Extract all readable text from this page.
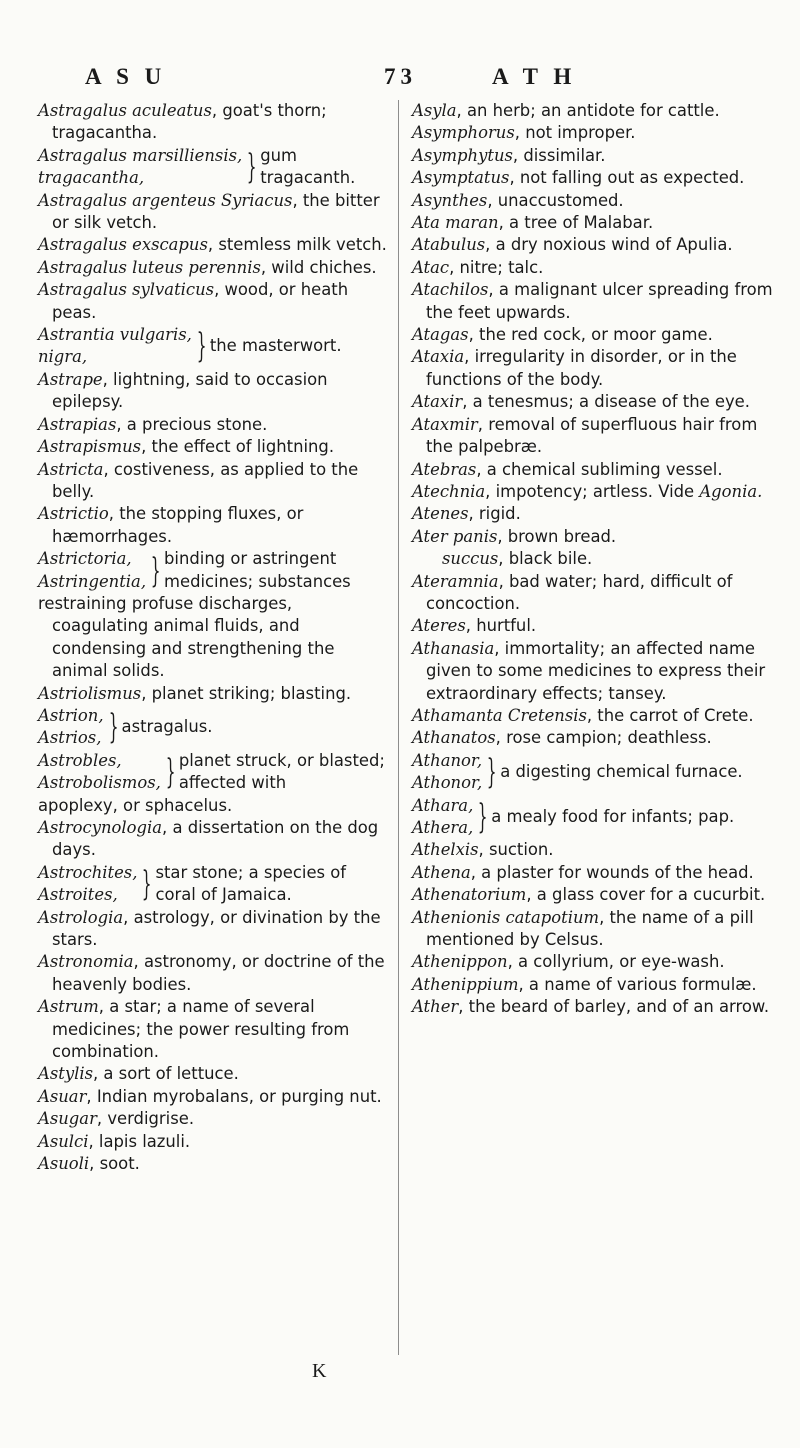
A S U	73	A T H

Astragalus aculeatus, goat's thorn; tragacantha.

Astragalus marsilliensis,
tragacantha,	} gum tragacanth.

Astragalus argenteus Syriacus, the bitter or silk vetch.

Astragalus exscapus, stemless milk vetch.

Astragalus luteus perennis, wild chiches.

Astragalus sylvaticus, wood, or heath peas.

Astrantia vulgaris,
nigra,	} the masterwort.

Astrape, lightning, said to occasion epilepsy.

Astrapias, a precious stone.

Astrapismus, the effect of lightning.

Astricta, costiveness, as applied to the belly.

Astrictio, the stopping fluxes, or hæmorrhages.

Astrictoria,
Astringentia, } binding or astringent medicines; substances

restraining profuse discharges, coagulating animal fluids, and condensing and strengthening the animal solids.

Astriolismus, planet striking; blasting.

Astrion,
Astrios, } astragalus.
Astrobles,
Astrobolismos, } planet struck, or blasted; affected with

apoplexy, or sphacelus.

Astrocynologia, a dissertation on the dog days.

Astrochites,
Astroites, } star stone; a species of coral of Jamaica.

Astrologia, astrology, or divination by the stars.

Astronomia, astronomy, or doctrine of the heavenly bodies.

Astrum, a star; a name of several medicines; the power resulting from combination.

Astylis, a sort of lettuce.

Asuar, Indian myrobalans, or purging nut.

Asugar, verdigrise.

Asulci, lapis lazuli.

Asuoli, soot.

Asyla, an herb; an antidote for cattle.

Asymphorus, not improper.

Asymphytus, dissimilar.

Asymptatus, not falling out as expected.

Asynthes, unaccustomed.

Ata maran, a tree of Malabar.

Atabulus, a dry noxious wind of Apulia.

Atac, nitre; talc.

Atachilos, a malignant ulcer spreading from the feet upwards.

Atagas, the red cock, or moor game.

Ataxia, irregularity in disorder, or in the functions of the body.

Ataxir, a tenesmus; a disease of the eye.

Ataxmir, removal of superfluous hair from the palpebræ.

Atebras, a chemical subliming vessel.

Atechnia, impotency; artless. Vide Agonia.

Atenes, rigid.

Ater panis, brown bread.

succus, black bile.

Ateramnia, bad water; hard, difficult of concoction.

Ateres, hurtful.

Athanasia, immortality; an affected name given to some medicines to express their extraordinary effects; tansey.

Athamanta Cretensis, the carrot of Crete.

Athanatos, rose campion; deathless.

Athanor,
Athonor, } a digesting chemical furnace.
Athara,
Athera, } a mealy food for infants; pap.

Athelxis, suction.

Athena, a plaster for wounds of the head.

Athenatorium, a glass cover for a cucurbit.

Athenionis catapotium, the name of a pill mentioned by Celsus.

Athenippon, a collyrium, or eye-wash.

Athenippium, a name of various formulæ.

Ather, the beard of barley, and of an arrow.

K
